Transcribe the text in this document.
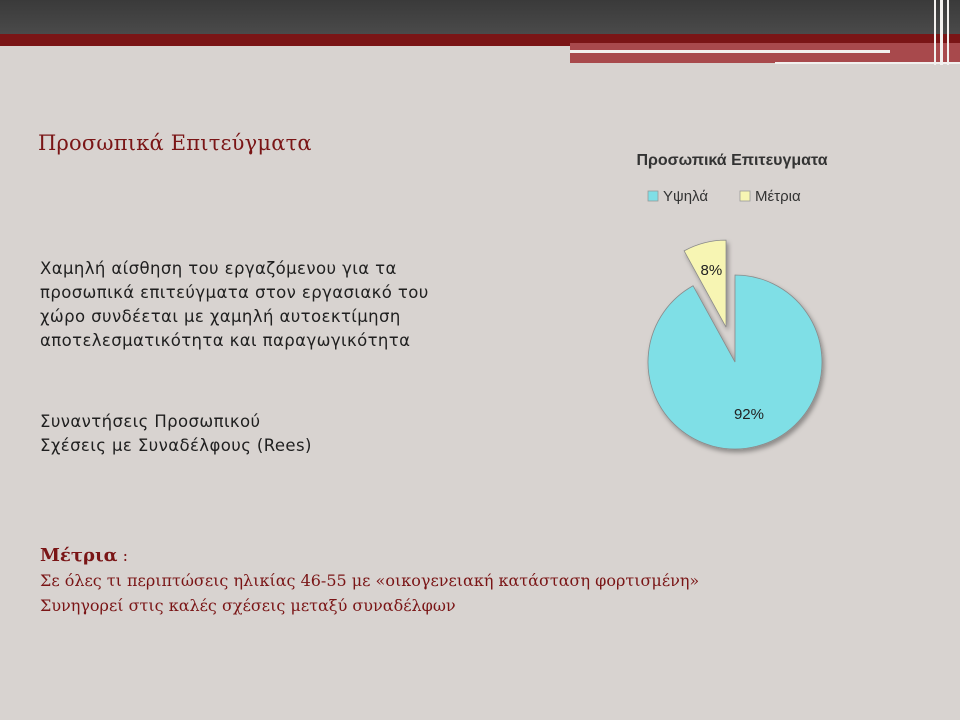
Προσωπικά Επιτεύγματα
Χαμηλή αίσθηση του εργαζόμενου για τα
προσωπικά επιτεύγματα στον εργασιακό του
χώρο συνδέεται με χαμηλή αυτοεκτίμηση
αποτελεσματικότητα και παραγωγικότητα
Συναντήσεις Προσωπικού
Σχέσεις με Συναδέλφους (Rees)
Μέτρια :
Σε όλες τι περιπτώσεις ηλικίας 46-55 με «οικογενειακή κατάσταση φορτισμένη»
Συνηγορεί στις καλές σχέσεις μεταξύ συναδέλφων
Προσωπικά Επιτευγματα
Υψηλά	Μέτρια
92%
8%
